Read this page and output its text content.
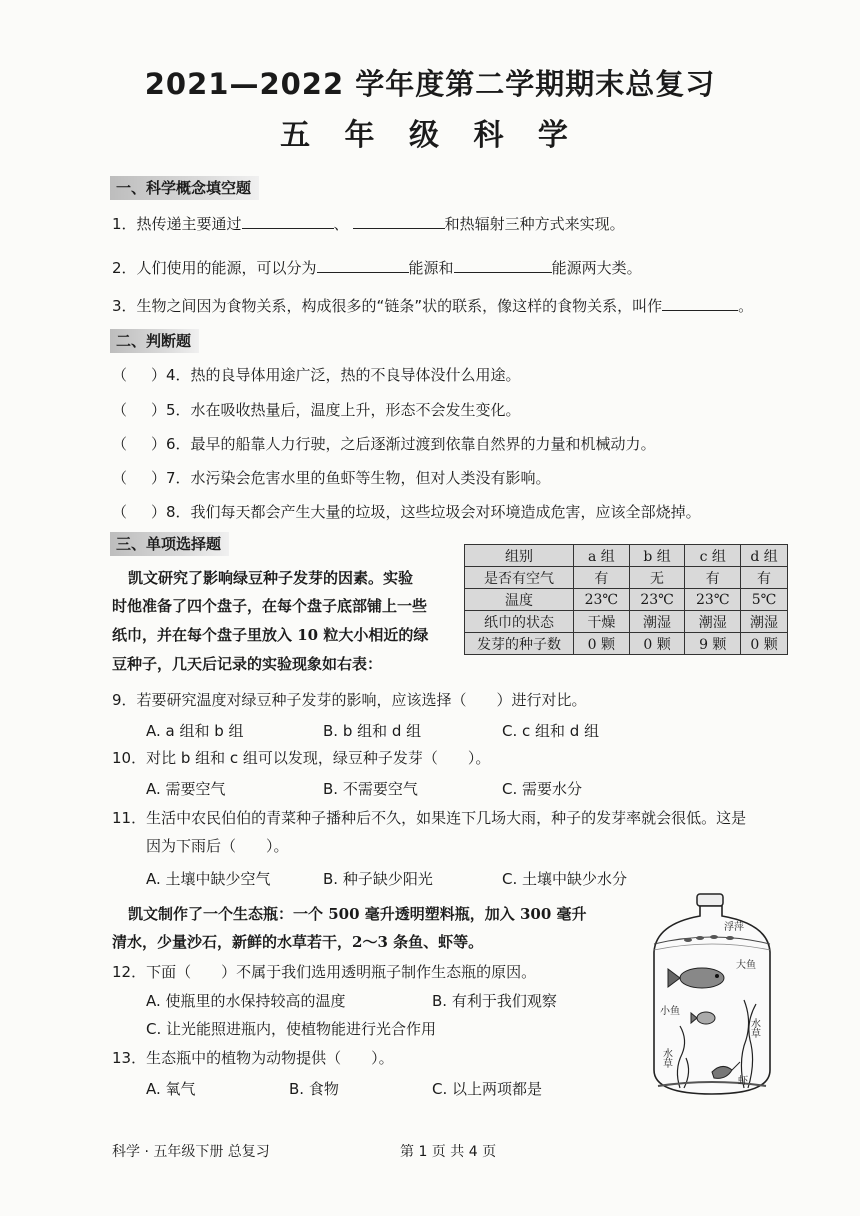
2021—2022 学年度第二学期期末总复习
五 年 级 科 学
一、科学概念填空题
1．热传递主要通过	、	和热辐射三种方式来实现。
2．人们使用的能源，可以分为	能源和	能源两大类。
3．生物之间因为食物关系，构成很多的“链条”状的联系，像这样的食物关系，叫作	。
二、判断题
（ ）4．热的良导体用途广泛，热的不良导体没什么用途。
（ ）5．水在吸收热量后，温度上升，形态不会发生变化。
（ ）6．最早的船靠人力行驶，之后逐渐过渡到依靠自然界的力量和机械动力。
（ ）7．水污染会危害水里的鱼虾等生物，但对人类没有影响。
（ ）8．我们每天都会产生大量的垃圾，这些垃圾会对环境造成危害，应该全部烧掉。
三、单项选择题
凯文研究了影响绿豆种子发芽的因素。实验
时他准备了四个盘子，在每个盘子底部铺上一些
纸巾，并在每个盘子里放入 10 粒大小相近的绿
豆种子，几天后记录的实验现象如右表：
组别	a 组	b 组	c 组	d 组
是否有空气	有	无	有	有
温度	23℃	23℃	23℃	5℃
纸巾的状态	干燥	潮湿	潮湿	潮湿
发芽的种子数	0 颗	0 颗	9 颗	0 颗
9．若要研究温度对绿豆种子发芽的影响，应该选择（　　）进行对比。
A. a 组和 b 组	B. b 组和 d 组	C. c 组和 d 组
10．对比 b 组和 c 组可以发现，绿豆种子发芽（　　）。
A. 需要空气	B. 不需要空气	C. 需要水分
11．生活中农民伯伯的青菜种子播种后不久，如果连下几场大雨，种子的发芽率就会很低。这是
因为下雨后（　　）。
A. 土壤中缺少空气	B. 种子缺少阳光	C. 土壤中缺少水分
凯文制作了一个生态瓶：一个 500 毫升透明塑料瓶，加入 300 毫升
清水，少量沙石，新鲜的水草若干，2～3 条鱼、虾等。
12．下面（　　）不属于我们选用透明瓶子制作生态瓶的原因。
A. 使瓶里的水保持较高的温度	B. 有利于我们观察
C. 让光能照进瓶内，使植物能进行光合作用
13．生态瓶中的植物为动物提供（　　）。
A. 氧气	B. 食物	C. 以上两项都是
浮萍
大鱼
小鱼
水草
水草
虾
科学 · 五年级下册 总复习	第 1 页 共 4 页
